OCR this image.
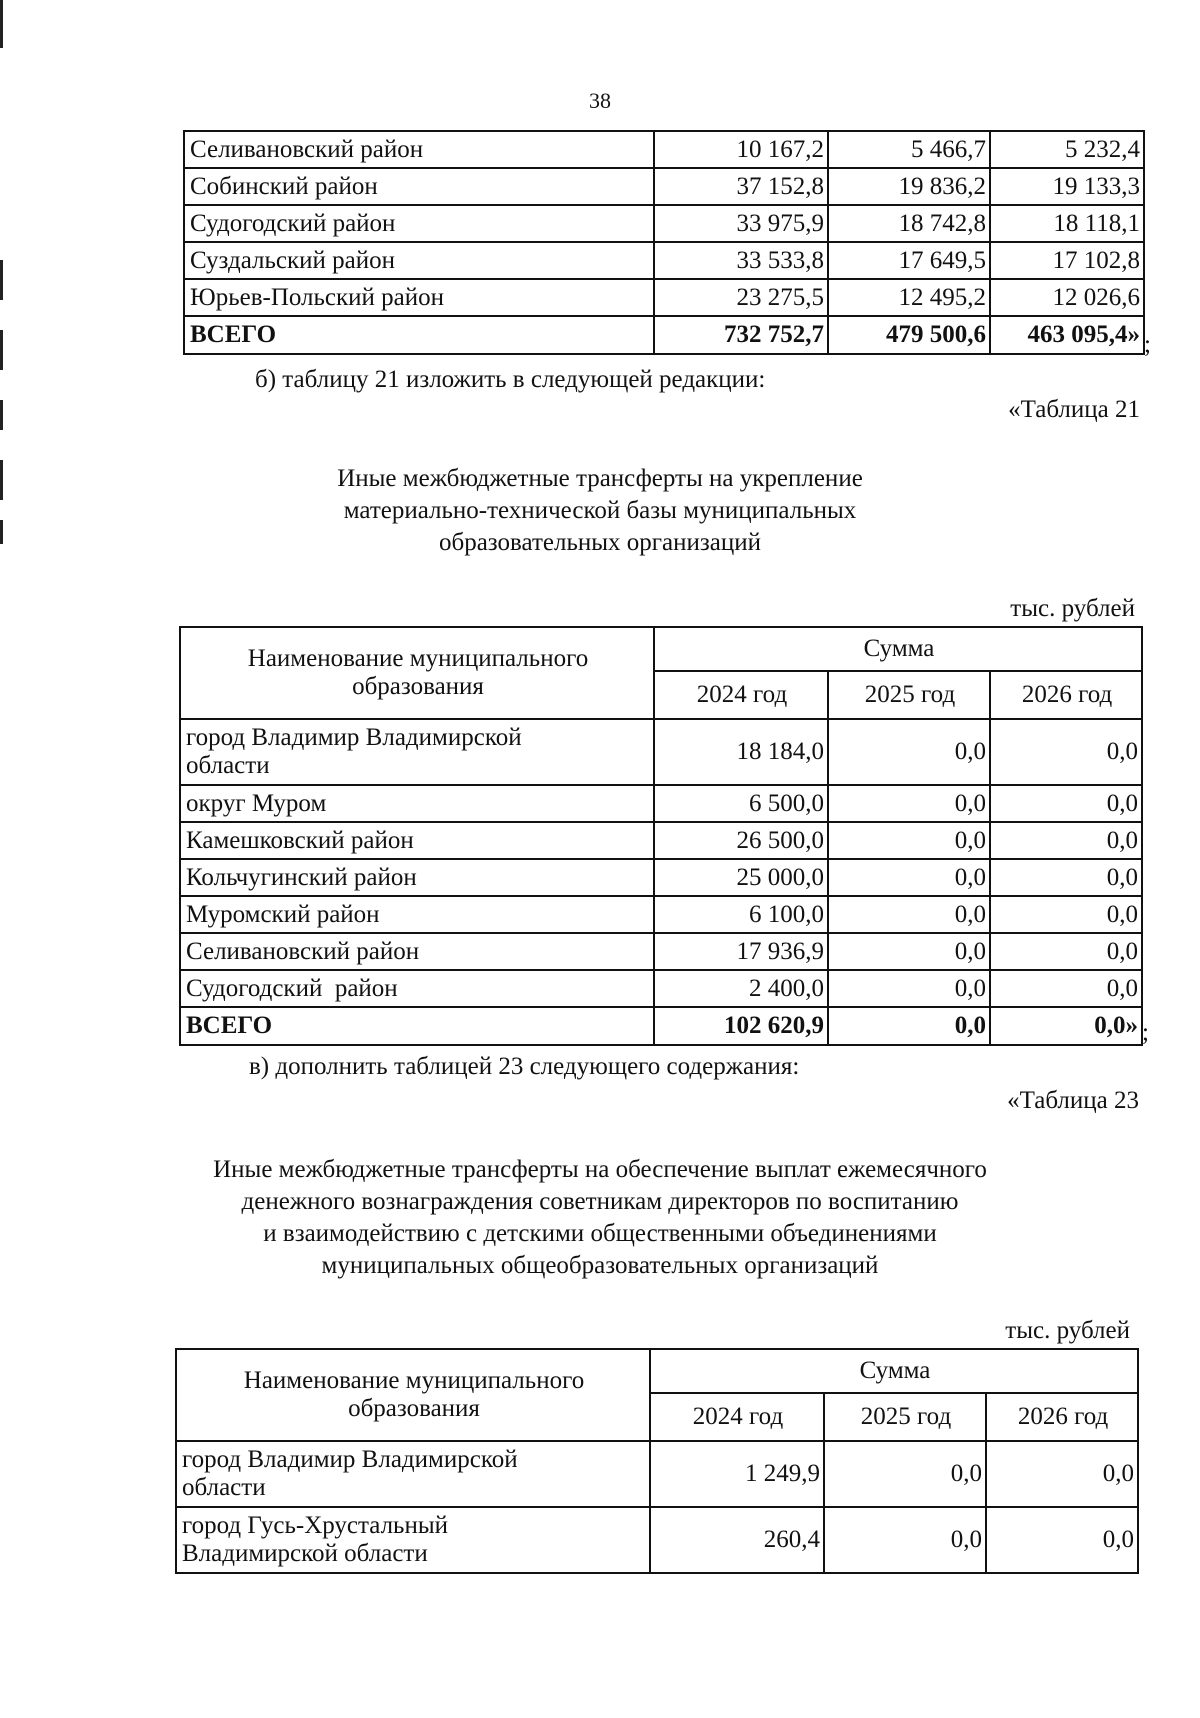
38
Селивановский район	10 167,2	5 466,7	5 232,4
Собинский район	37 152,8	19 836,2	19 133,3
Судогодский район	33 975,9	18 742,8	18 118,1
Суздальский район	33 533,8	17 649,5	17 102,8
Юрьев-Польский район	23 275,5	12 495,2	12 026,6
ВСЕГО	732 752,7	479 500,6	463 095,4» ;
б) таблицу 21 изложить в следующей редакции:
«Таблица 21
Иные межбюджетные трансферты на укрепление
материально-технической базы муниципальных
образовательных организаций
тыс. рублей
Наименование муниципального
образования	Сумма		
	2024 год	2025 год	2026 год

город Владимир Владимирской
области	18 184,0	0,0	0,0
округ Муром	6 500,0	0,0	0,0
Камешковский район	26 500,0	0,0	0,0
Кольчугинский район	25 000,0	0,0	0,0
Муромский район	6 100,0	0,0	0,0
Селивановский район	17 936,9	0,0	0,0
Судогодский  район	2 400,0	0,0	0,0
ВСЕГО	102 620,9	0,0	0,0» ;
в) дополнить таблицей 23 следующего содержания:
«Таблица 23
Иные межбюджетные трансферты на обеспечение выплат ежемесячного
денежного вознаграждения советникам директоров по воспитанию
и взаимодействию с детскими общественными объединениями
муниципальных общеобразовательных организаций
тыс. рублей
Наименование муниципального
образования	Сумма		
	2024 год	2025 год	2026 год

город Владимир Владимирской
области	1 249,9	0,0	0,0

город Гусь-Хрустальный
Владимирской области	260,4	0,0	0,0
